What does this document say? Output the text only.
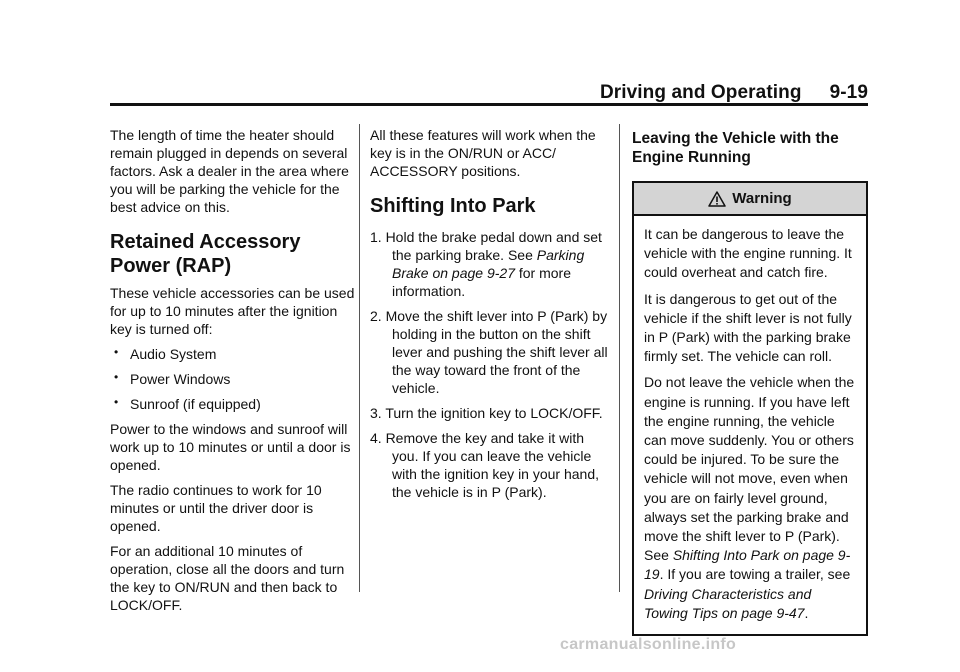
Driving and Operating 9-19

The length of time the heater should remain plugged in depends on several factors. Ask a dealer in the area where you will be parking the vehicle for the best advice on this.

Retained Accessory Power (RAP)

These vehicle accessories can be used for up to 10 minutes after the ignition key is turned off:

• Audio System
• Power Windows
• Sunroof (if equipped)

Power to the windows and sunroof will work up to 10 minutes or until a door is opened.

The radio continues to work for 10 minutes or until the driver door is opened.

For an additional 10 minutes of operation, close all the doors and turn the key to ON/RUN and then back to LOCK/OFF.

All these features will work when the key is in the ON/RUN or ACC/ ACCESSORY positions.

Shifting Into Park

1. Hold the brake pedal down and set the parking brake. See Parking Brake on page 9-27 for more information.

2. Move the shift lever into P (Park) by holding in the button on the shift lever and pushing the shift lever all the way toward the front of the vehicle.

3. Turn the ignition key to LOCK/OFF.

4. Remove the key and take it with you. If you can leave the vehicle with the ignition key in your hand, the vehicle is in P (Park).

Leaving the Vehicle with the Engine Running
Warning

It can be dangerous to leave the vehicle with the engine running. It could overheat and catch fire.

It is dangerous to get out of the vehicle if the shift lever is not fully in P (Park) with the parking brake firmly set. The vehicle can roll.

Do not leave the vehicle when the engine is running. If you have left the engine running, the vehicle can move suddenly. You or others could be injured. To be sure the vehicle will not move, even when you are on fairly level ground, always set the parking brake and move the shift lever to P (Park). See Shifting Into Park on page 9-19. If you are towing a trailer, see Driving Characteristics and Towing Tips on page 9-47.

carmanualsonline.info
